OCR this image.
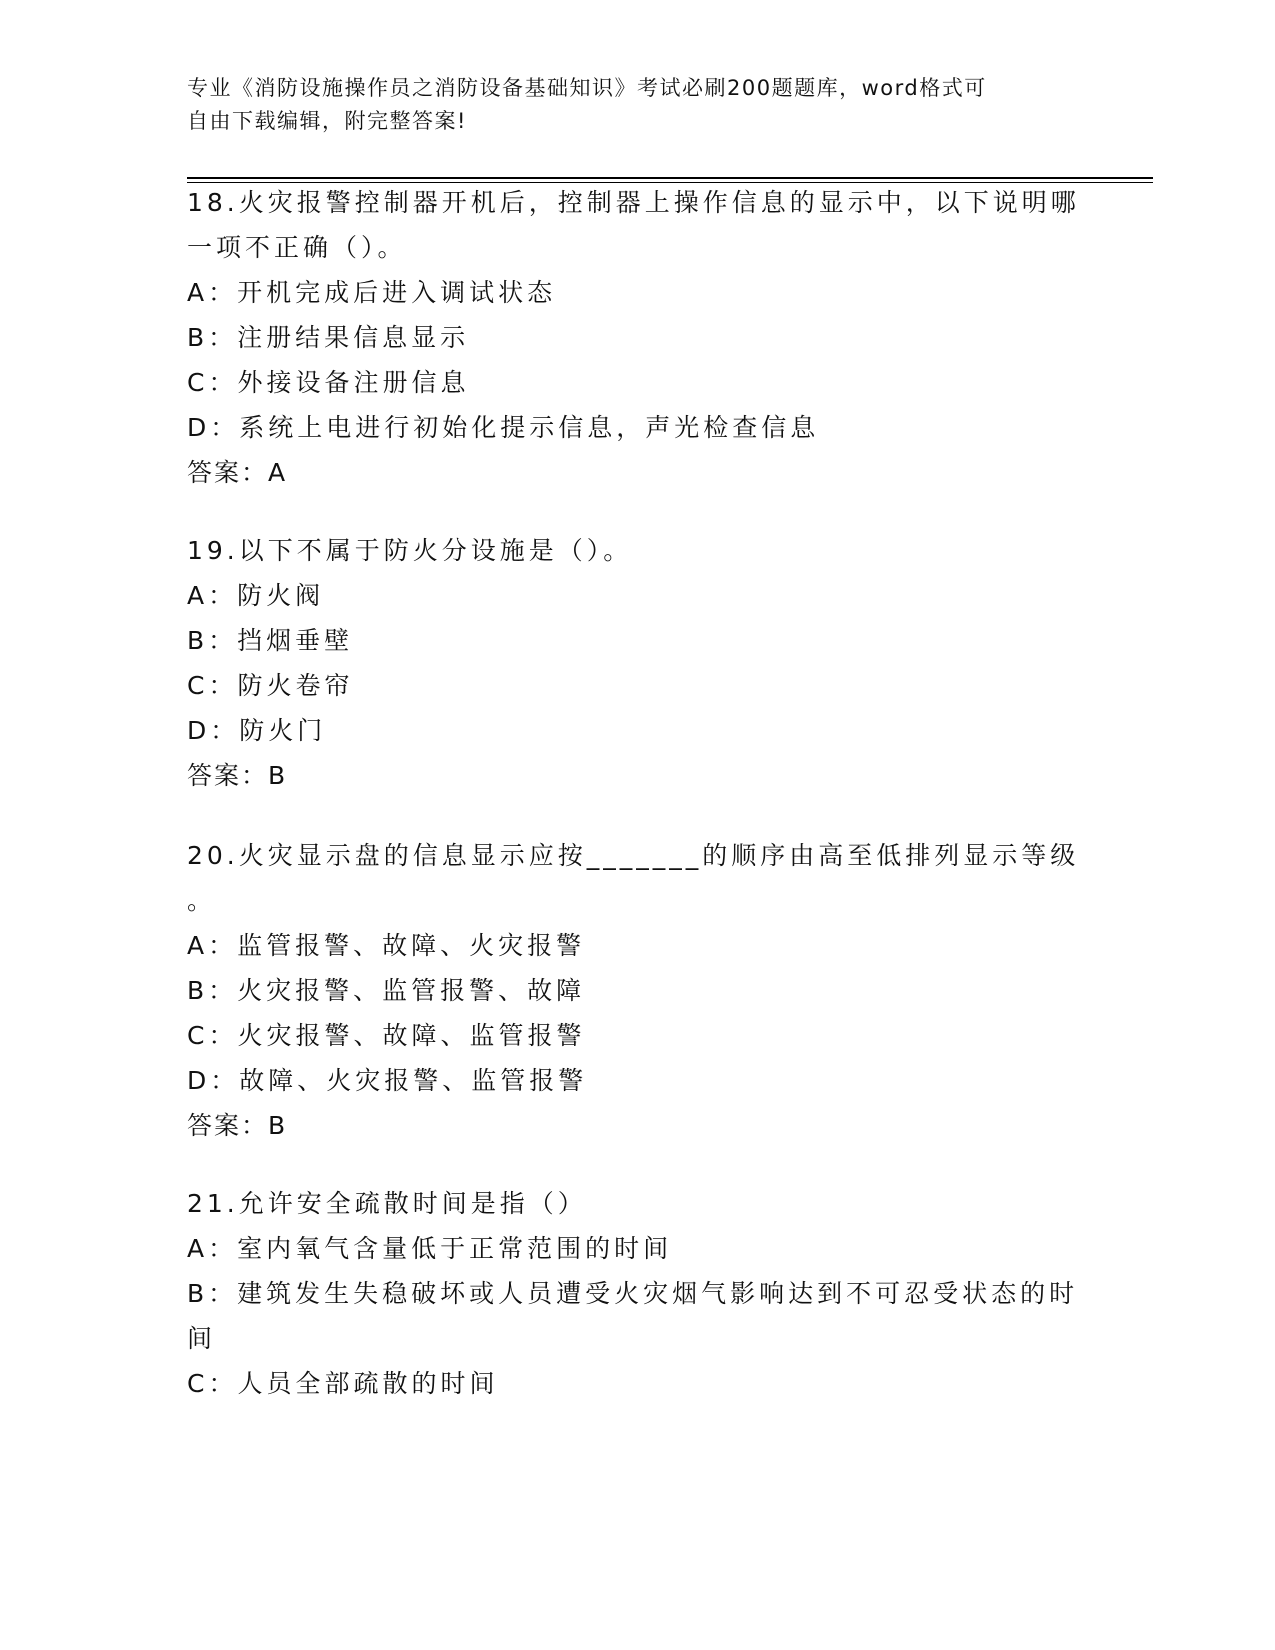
专业《消防设施操作员之消防设备基础知识》考试必刷200题题库，word格式可
自由下载编辑，附完整答案!
18.火灾报警控制器开机后，控制器上操作信息的显示中，以下说明哪
一项不正确（）。
A：开机完成后进入调试状态
B：注册结果信息显示
C：外接设备注册信息
D：系统上电进行初始化提示信息，声光检查信息
答案：A
19.以下不属于防火分设施是（）。
A：防火阀
B：挡烟垂壁
C：防火卷帘
D：防火门
答案：B
20.火灾显示盘的信息显示应按_______的顺序由高至低排列显示等级
。
A：监管报警、故障、火灾报警
B：火灾报警、监管报警、故障
C：火灾报警、故障、监管报警
D：故障、火灾报警、监管报警
答案：B
21.允许安全疏散时间是指（）
A：室内氧气含量低于正常范围的时间
B：建筑发生失稳破坏或人员遭受火灾烟气影响达到不可忍受状态的时
间
C：人员全部疏散的时间
